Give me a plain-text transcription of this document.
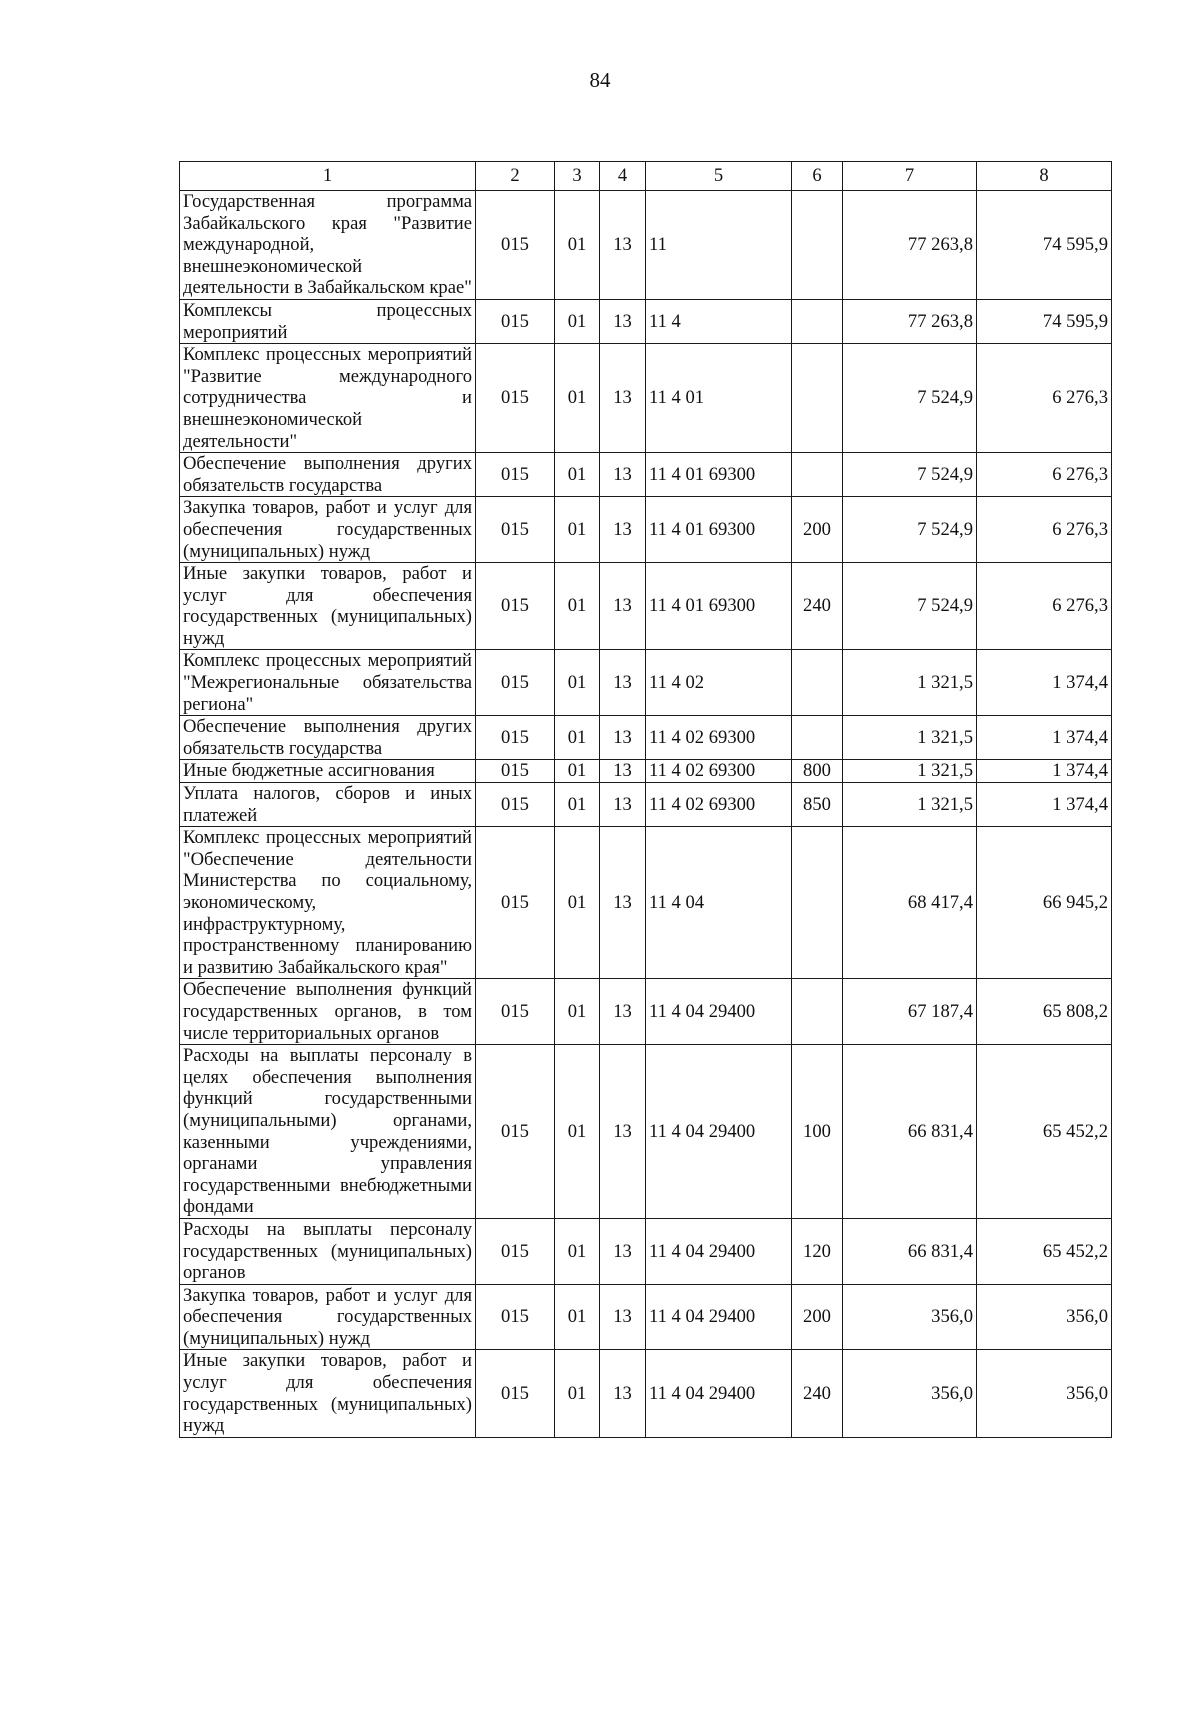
84
1	2	3	4	5	6	7	8
Государственная программа Забайкальского края "Развитие международной, внешнеэкономической деятельности в Забайкальском крае"	015	01	13	11		77 263,8	74 595,9
Комплексы процессных мероприятий	015	01	13	11 4		77 263,8	74 595,9
Комплекс процессных мероприятий "Развитие международного сотрудничества и внешнеэкономической деятельности"	015	01	13	11 4 01		7 524,9	6 276,3
Обеспечение выполнения других обязательств государства	015	01	13	11 4 01 69300		7 524,9	6 276,3
Закупка товаров, работ и услуг для обеспечения государственных (муниципальных) нужд	015	01	13	11 4 01 69300	200	7 524,9	6 276,3
Иные закупки товаров, работ и услуг для обеспечения государственных (муниципальных) нужд	015	01	13	11 4 01 69300	240	7 524,9	6 276,3
Комплекс процессных мероприятий "Межрегиональные обязательства региона"	015	01	13	11 4 02		1 321,5	1 374,4
Обеспечение выполнения других обязательств государства	015	01	13	11 4 02 69300		1 321,5	1 374,4
Иные бюджетные ассигнования	015	01	13	11 4 02 69300	800	1 321,5	1 374,4
Уплата налогов, сборов и иных платежей	015	01	13	11 4 02 69300	850	1 321,5	1 374,4
Комплекс процессных мероприятий "Обеспечение деятельности Министерства по социальному, экономическому, инфраструктурному, пространственному планированию и развитию Забайкальского края"	015	01	13	11 4 04		68 417,4	66 945,2
Обеспечение выполнения функций государственных органов, в том числе территориальных органов	015	01	13	11 4 04 29400		67 187,4	65 808,2
Расходы на выплаты персоналу в целях обеспечения выполнения функций государственными (муниципальными) органами, казенными учреждениями, органами управления государственными внебюджетными фондами	015	01	13	11 4 04 29400	100	66 831,4	65 452,2
Расходы на выплаты персоналу государственных (муниципальных) органов	015	01	13	11 4 04 29400	120	66 831,4	65 452,2
Закупка товаров, работ и услуг для обеспечения государственных (муниципальных) нужд	015	01	13	11 4 04 29400	200	356,0	356,0
Иные закупки товаров, работ и услуг для обеспечения государственных (муниципальных) нужд	015	01	13	11 4 04 29400	240	356,0	356,0
